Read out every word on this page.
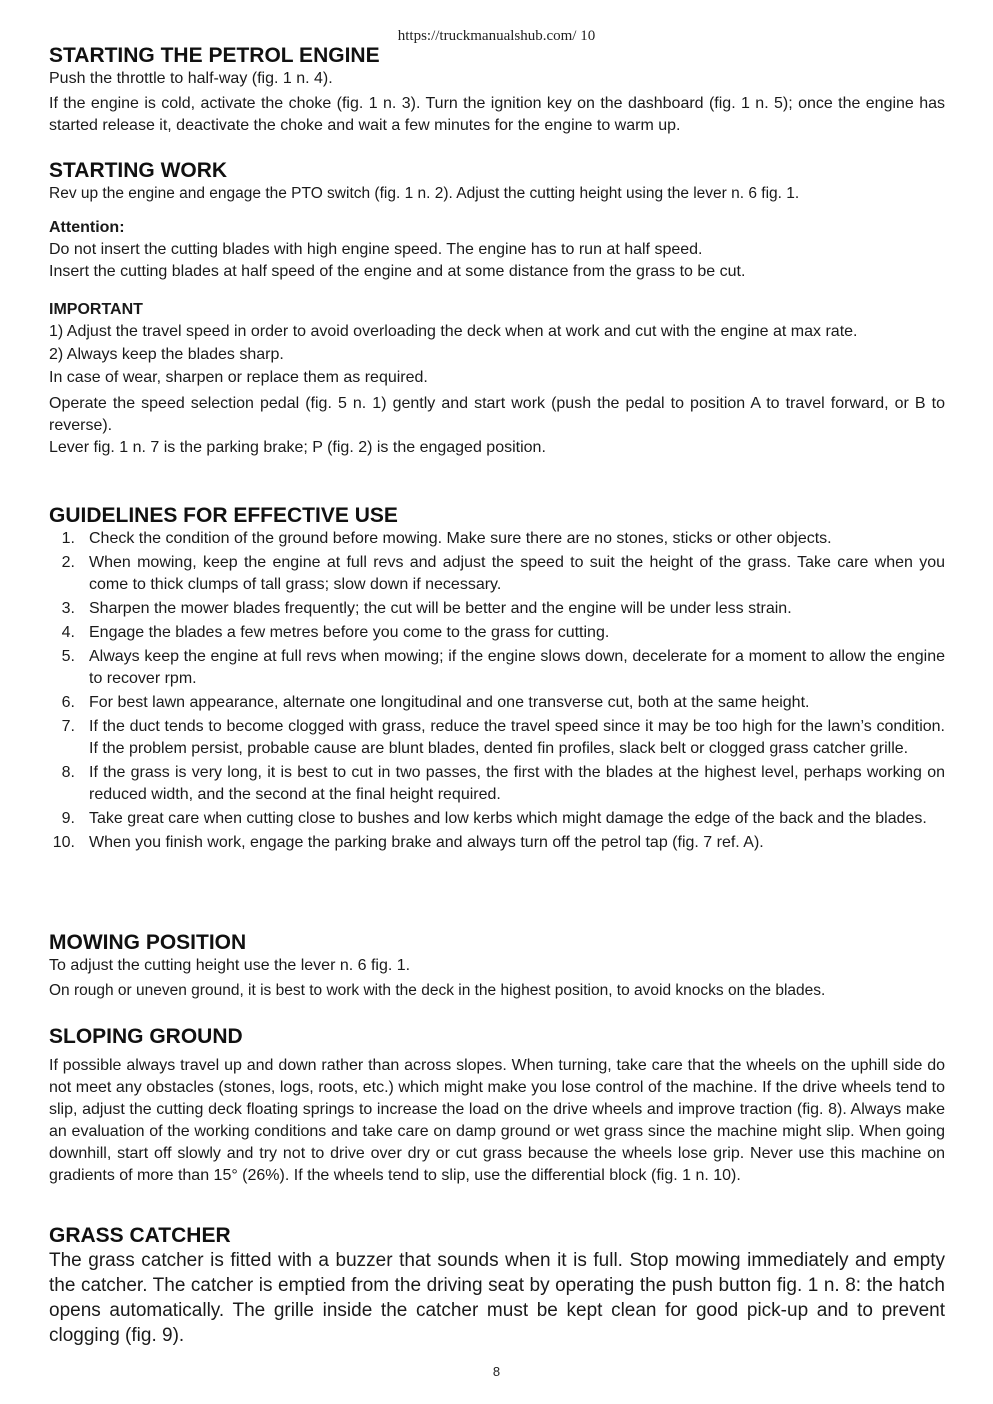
https://truckmanualshub.com/ 10
STARTING THE PETROL ENGINE

Push the throttle to half-way (fig. 1 n. 4).

If the engine is cold, activate the choke (fig. 1 n. 3). Turn the ignition key on the dashboard (fig. 1 n. 5); once the engine has started release it, deactivate the choke and wait a few minutes for the engine to warm up.

STARTING WORK

Rev up the engine and engage the PTO switch (fig. 1 n. 2). Adjust the cutting height using the lever n. 6 fig. 1.

Attention:

Do not insert the cutting blades with high engine speed. The engine has to run at half speed.

Insert the cutting blades at half speed of the engine and at some distance from the grass to be cut.

IMPORTANT
1) Adjust the travel speed in order to avoid overloading the deck when at work and cut with the engine at max rate.
2) Always keep the blades sharp.

In case of wear, sharpen or replace them as required.

Operate the speed selection pedal (fig. 5 n. 1) gently and start work (push the pedal to position A to travel forward, or B to reverse).

Lever fig. 1 n. 7 is the parking brake; P (fig. 2) is the engaged position.

GUIDELINES FOR EFFECTIVE USE
1. Check the condition of the ground before mowing. Make sure there are no stones, sticks or other objects.
2. When mowing, keep the engine at full revs and adjust the speed to suit the height of the grass. Take care when you come to thick clumps of tall grass; slow down if necessary.
3. Sharpen the mower blades frequently; the cut will be better and the engine will be under less strain.
4. Engage the blades a few metres before you come to the grass for cutting.
5. Always keep the engine at full revs when mowing; if the engine slows down, decelerate for a moment to allow the engine to recover rpm.
6. For best lawn appearance, alternate one longitudinal and one transverse cut, both at the same height.
7. If the duct tends to become clogged with grass, reduce the travel speed since it may be too high for the lawn’s condition. If the problem persist, probable cause are blunt blades, dented fin profiles, slack belt or clogged grass catcher grille.
8. If the grass is very long, it is best to cut in two passes, the first with the blades at the highest level, perhaps working on reduced width, and the second at the final height required.
9. Take great care when cutting close to bushes and low kerbs which might damage the edge of the back and the blades.
10. When you finish work, engage the parking brake and always turn off the petrol tap (fig. 7 ref. A).
MOWING POSITION

To adjust the cutting height use the lever n. 6 fig. 1.

On rough or uneven ground, it is best to work with the deck in the highest position, to avoid knocks on the blades.

SLOPING GROUND

If possible always travel up and down rather than across slopes. When turning, take care that the wheels on the uphill side do not meet any obstacles (stones, logs, roots, etc.) which might make you lose control of the machine. If the drive wheels tend to slip, adjust the cutting deck floating springs to increase the load on the drive wheels and improve traction (fig. 8). Always make an evaluation of the working conditions and take care on damp ground or wet grass since the machine might slip. When going downhill, start off slowly and try not to drive over dry or cut grass because the wheels lose grip. Never use this machine on gradients of more than 15° (26%). If the wheels tend to slip, use the differential block (fig. 1 n. 10).

GRASS CATCHER

The grass catcher is fitted with a buzzer that sounds when it is full. Stop mowing immediately and empty the catcher. The catcher is emptied from the driving seat by operating the push button fig. 1 n. 8: the hatch opens automatically. The grille inside the catcher must be kept clean for good pick-up and to prevent clogging (fig. 9).

8
